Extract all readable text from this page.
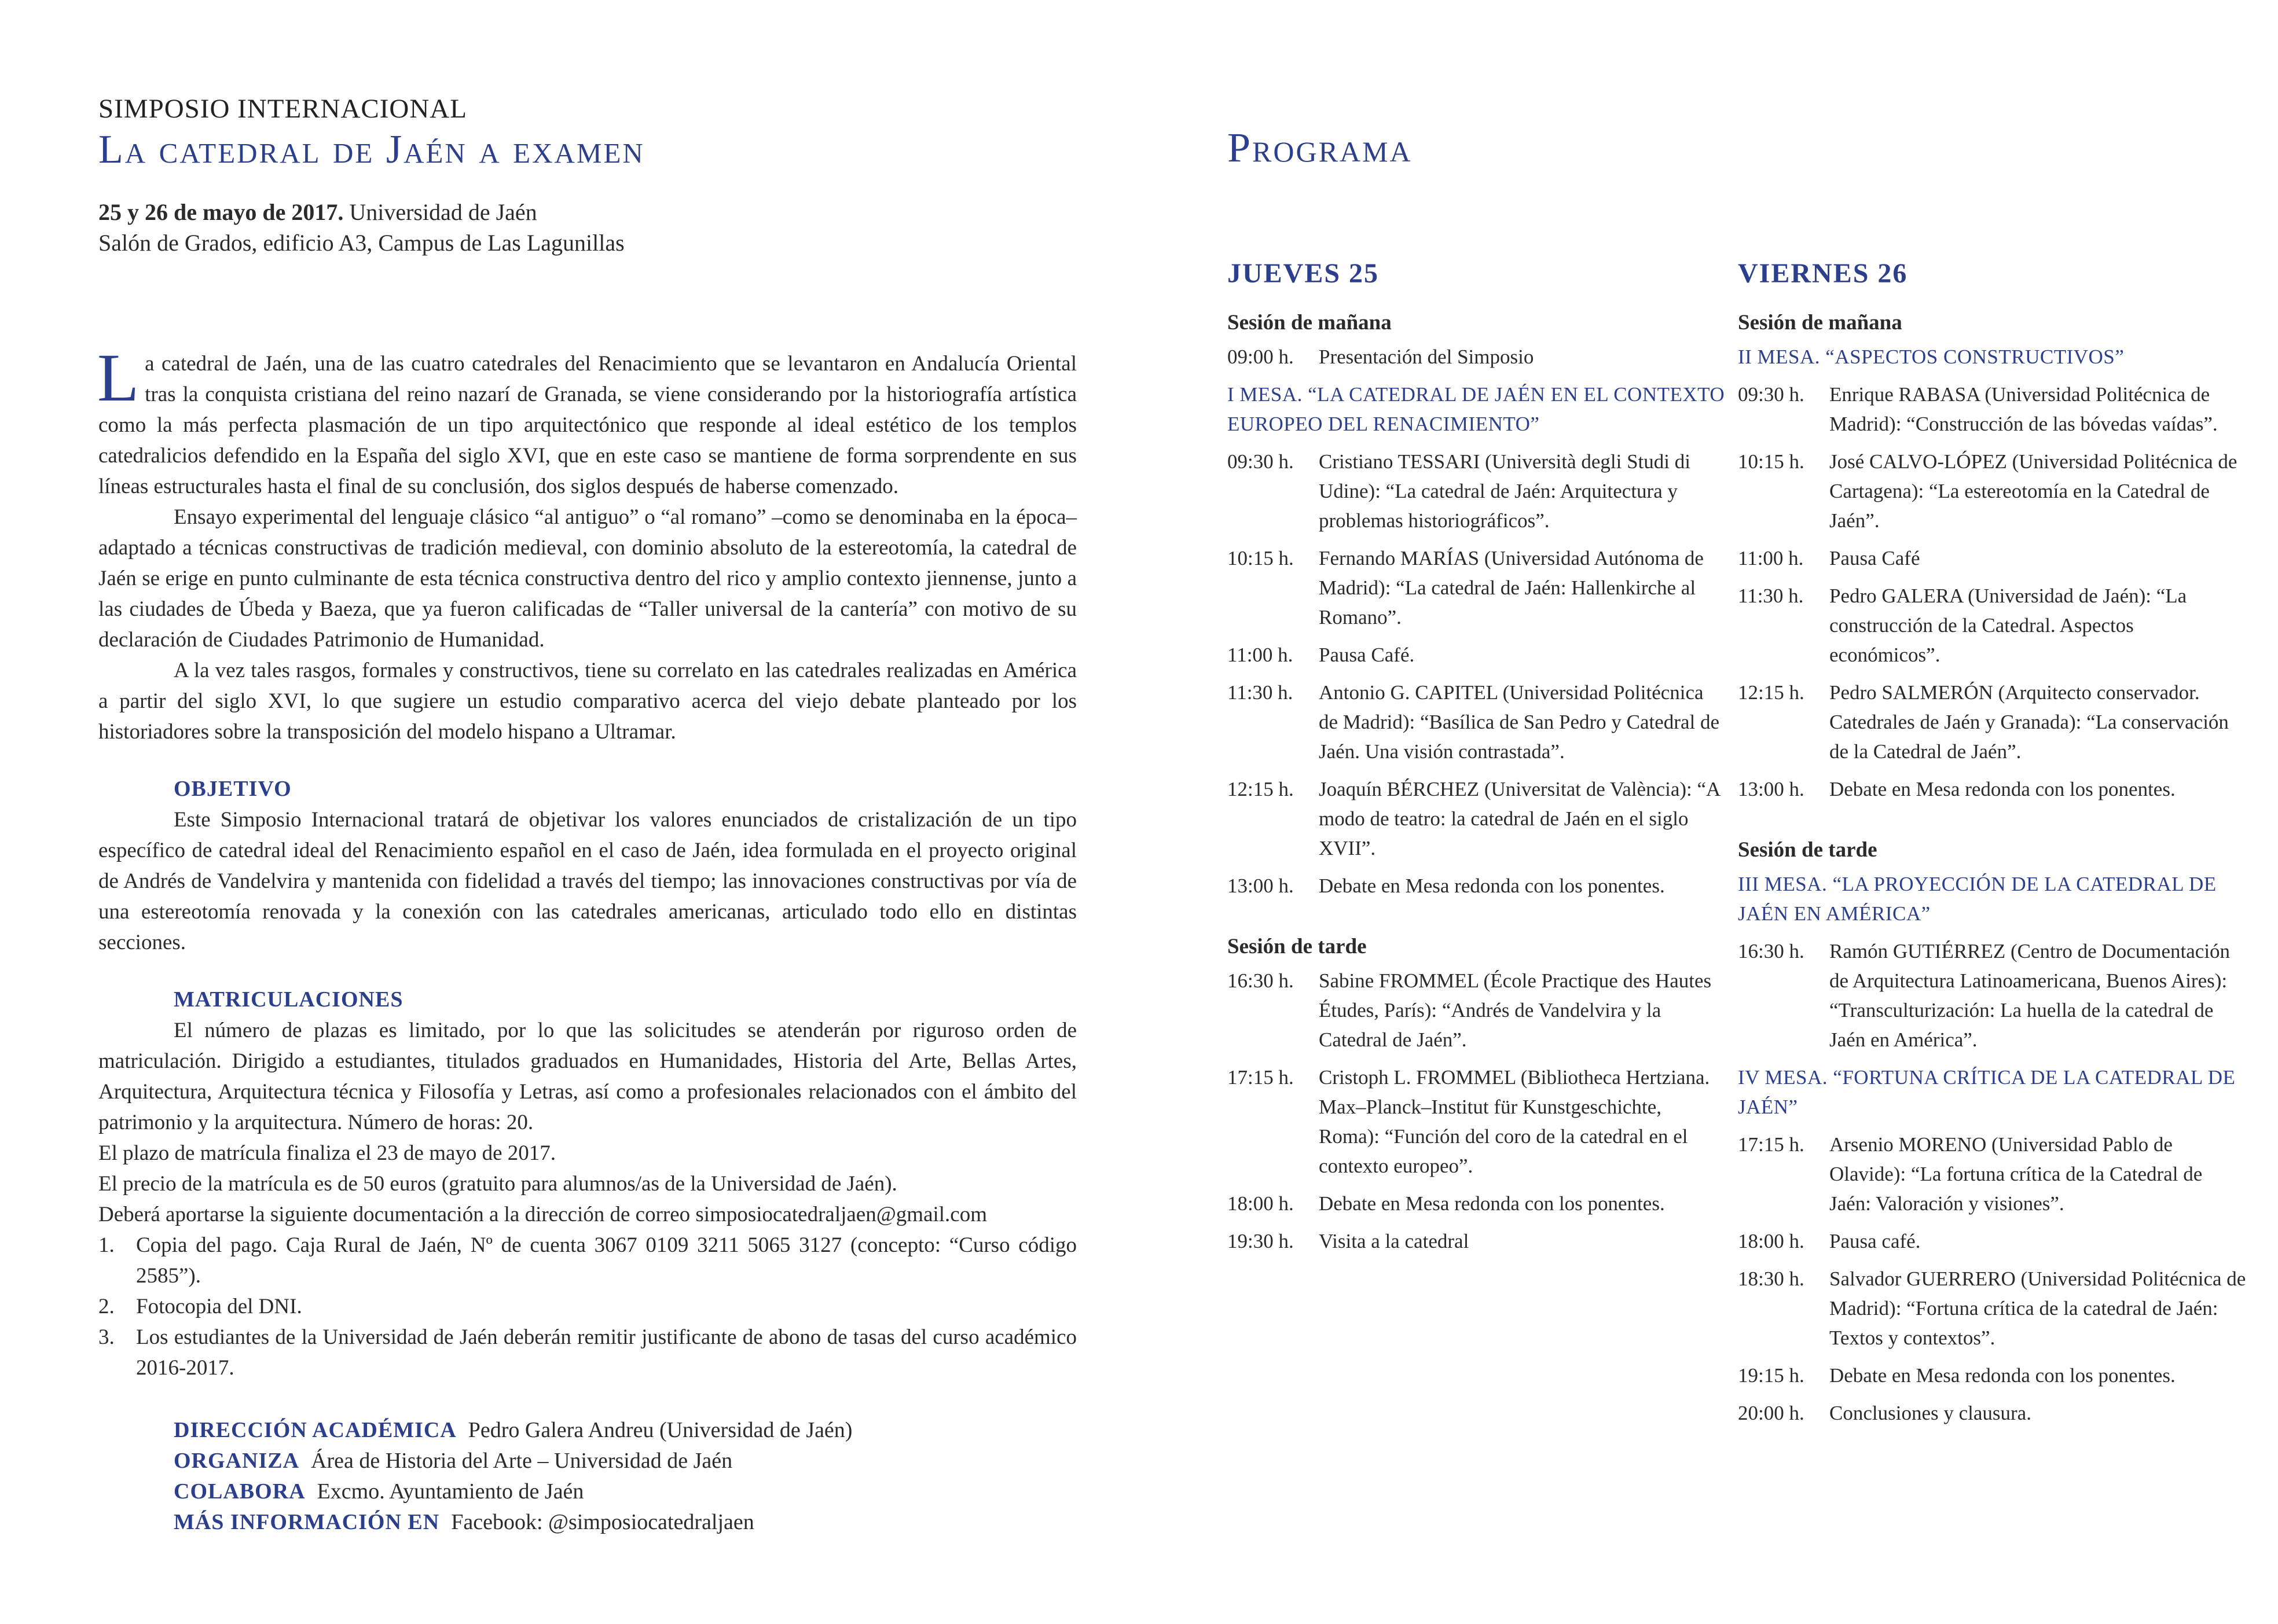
SIMPOSIO INTERNACIONAL
La catedral de Jaén a examen
25 y 26 de mayo de 2017. Universidad de Jaén
Salón de Grados, edificio A3, Campus de Las Lagunillas

La catedral de Jaén, una de las cuatro catedrales del Renacimiento que se levantaron en Andalucía Oriental tras la conquista cristiana del reino nazarí de Granada, se viene considerando por la historiografía artística como la más perfecta plasmación de un tipo arquitectónico que responde al ideal estético de los templos catedralicios defendido en la España del siglo XVI, que en este caso se mantiene de forma sorprendente en sus líneas estructurales hasta el final de su conclusión, dos siglos después de haberse comenzado.

Ensayo experimental del lenguaje clásico “al antiguo” o “al romano” –como se denominaba en la época– adaptado a técnicas constructivas de tradición medieval, con dominio absoluto de la estereotomía, la catedral de Jaén se erige en punto culminante de esta técnica constructiva dentro del rico y amplio contexto jiennense, junto a las ciudades de Úbeda y Baeza, que ya fueron calificadas de “Taller universal de la cantería” con motivo de su declaración de Ciudades Patrimonio de Humanidad.

A la vez tales rasgos, formales y constructivos, tiene su correlato en las catedrales realizadas en América a partir del siglo XVI, lo que sugiere un estudio comparativo acerca del viejo debate planteado por los historiadores sobre la transposición del modelo hispano a Ultramar.

OBJETIVO

Este Simposio Internacional tratará de objetivar los valores enunciados de cristalización de un tipo específico de catedral ideal del Renacimiento español en el caso de Jaén, idea formulada en el proyecto original de Andrés de Vandelvira y mantenida con fidelidad a través del tiempo; las innovaciones constructivas por vía de una estereotomía renovada y la conexión con las catedrales americanas, articulado todo ello en distintas secciones.

MATRICULACIONES

El número de plazas es limitado, por lo que las solicitudes se atenderán por riguroso orden de matriculación. Dirigido a estudiantes, titulados graduados en Humanidades, Historia del Arte, Bellas Artes, Arquitectura, Arquitectura técnica y Filosofía y Letras, así como a profesionales relacionados con el ámbito del patrimonio y la arquitectura. Número de horas: 20.

El plazo de matrícula finaliza el 23 de mayo de 2017.

El precio de la matrícula es de 50 euros (gratuito para alumnos/as de la Universidad de Jaén).

Deberá aportarse la siguiente documentación a la dirección de correo simposiocatedraljaen@gmail.com

1. Copia del pago. Caja Rural de Jaén, Nº de cuenta 3067 0109 3211 5065 3127 (concepto: “Curso código 2585”).
2. Fotocopia del DNI.
3. Los estudiantes de la Universidad de Jaén deberán remitir justificante de abono de tasas del curso académico 2016-2017.
DIRECCIÓN ACADÉMICA Pedro Galera Andreu (Universidad de Jaén)
ORGANIZA Área de Historia del Arte – Universidad de Jaén
COLABORA Excmo. Ayuntamiento de Jaén
MÁS INFORMACIÓN EN Facebook: @simposiocatedraljaen
Programa
JUEVES 25
Sesión de mañana
09:00 h.	Presentación del Simposio
I MESA. “LA CATEDRAL DE JAÉN EN EL CONTEXTO EUROPEO DEL RENACIMIENTO”
09:30 h.	Cristiano TESSARI (Università degli Studi di Udine): “La catedral de Jaén: Arquitectura y problemas historiográficos”.
10:15 h.	Fernando MARÍAS (Universidad Autónoma de Madrid): “La catedral de Jaén: Hallenkirche al Romano”.
11:00 h.	Pausa Café.
11:30 h.	Antonio G. CAPITEL (Universidad Politécnica de Madrid): “Basílica de San Pedro y Catedral de Jaén. Una visión contrastada”.
12:15 h.	Joaquín BÉRCHEZ (Universitat de València): “A modo de teatro: la catedral de Jaén en el siglo XVII”.
13:00 h.	Debate en Mesa redonda con los ponentes.
Sesión de tarde
16:30 h.	Sabine FROMMEL (École Practique des Hautes Études, París): “Andrés de Vandelvira y la Catedral de Jaén”.
17:15 h.	Cristoph L. FROMMEL (Bibliotheca Hertziana. Max–Planck–Institut für Kunstgeschichte, Roma): “Función del coro de la catedral en el contexto europeo”.
18:00 h.	Debate en Mesa redonda con los ponentes.
19:30 h.	Visita a la catedral
VIERNES 26
Sesión de mañana
II MESA. “ASPECTOS CONSTRUCTIVOS”
09:30 h.	Enrique RABASA (Universidad Politécnica de Madrid): “Construcción de las bóvedas vaídas”.
10:15 h.	José CALVO-LÓPEZ (Universidad Politécnica de Cartagena): “La estereotomía en la Catedral de Jaén”.
11:00 h.	Pausa Café
11:30 h.	Pedro GALERA (Universidad de Jaén): “La construcción de la Catedral. Aspectos económicos”.
12:15 h.	Pedro SALMERÓN (Arquitecto conservador. Catedrales de Jaén y Granada): “La conservación de la Catedral de Jaén”.
13:00 h.	Debate en Mesa redonda con los ponentes.
Sesión de tarde
III MESA. “LA PROYECCIÓN DE LA CATEDRAL DE JAÉN EN AMÉRICA”
16:30 h.	Ramón GUTIÉRREZ (Centro de Documentación de Arquitectura Latinoamericana, Buenos Aires): “Transculturización: La huella de la catedral de Jaén en América”.
IV MESA. “FORTUNA CRÍTICA DE LA CATEDRAL DE JAÉN”
17:15 h.	Arsenio MORENO (Universidad Pablo de Olavide): “La fortuna crítica de la Catedral de Jaén: Valoración y visiones”.
18:00 h.	Pausa café.
18:30 h.	Salvador GUERRERO (Universidad Politécnica de Madrid): “Fortuna crítica de la catedral de Jaén: Textos y contextos”.
19:15 h.	Debate en Mesa redonda con los ponentes.
20:00 h.	Conclusiones y clausura.
